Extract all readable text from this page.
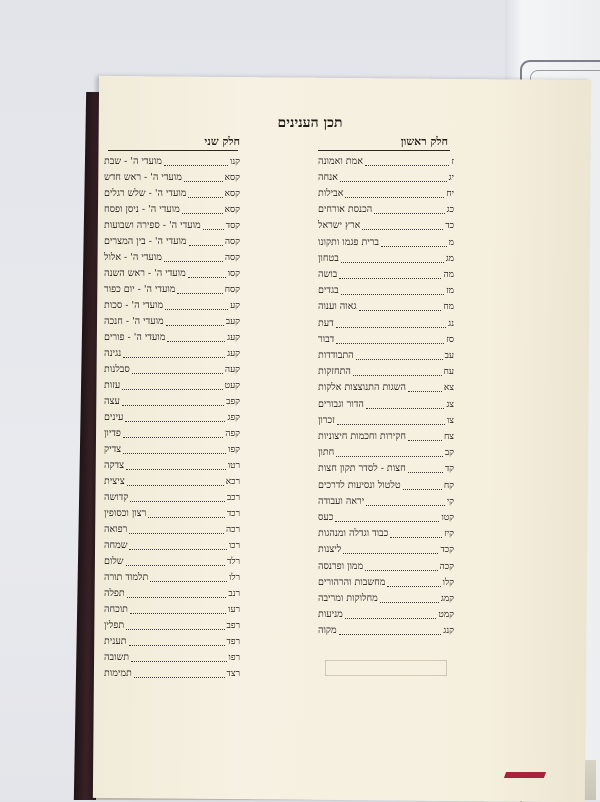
תכן הענינים
חלק ראשון
חלק שני
אמת ואמונה	ז
אנחה	יג
אבילות	יח
הכנסת אורחים	כג
ארץ ישראל	כד
ברית פגמו ותקונו	מ
בטחון	מג
בושה	מה
בגדים	מז
גאוה וענוה	מח
דעת	נג
דבור	סז
התבודדות	עב
התחזקות	עח
השגות התנוצצות אלקות	צא
הדור וגבורים	צג
זכרון	צו
חקירות וחכמות חיצוניות	צח
חתון	קב
חצות - לסדר תקון חצות	קד
טלטול ונסיעות לדרכים	קח
יראה ועבודה	קי
כעס	קטו
כבוד וגדלה ומנהגות	קיז
ליצנות	קכד
ממון ופרנסה	קכה
מחשבות והרהורים	קלו
מחלוקות ומריבה	קמג
מניעות	קמט
מקוה	קנג
מועדי ה' - שבת	קנו
מועדי ה' - ראש חדש	קסא
מועדי ה' - שלש רגלים	קסא
מועדי ה' - ניסן ופסח	קסא
מועדי ה' - ספירה ושבועות	קסד
מועדי ה' - בין המצרים	קסה
מועדי ה' - אלול	קסה
מועדי ה' - ראש השנה	קסו
מועדי ה' - יום כפור	קסח
מועדי ה' - סכות	קע
מועדי ה' - חנכה	קעב
מועדי ה' - פורים	קעג
נגינה	קעג
סבלנות	קעה
עזות	קעט
עצה	קפב
עינים	קפג
פדיון	קפה
צדיק	קפו
צדקה	רטו
ציצית	רכא
קדושה	רכב
רצון וכסופין	רכד
רפואה	רכה
שמחה	רכו
שלום	רלד
תלמוד תורה	רלו
תפלה	רנב
תוכחה	רעו
תפלין	רפב
תענית	רפד
תשובה	רפו
תמימות	רצד
